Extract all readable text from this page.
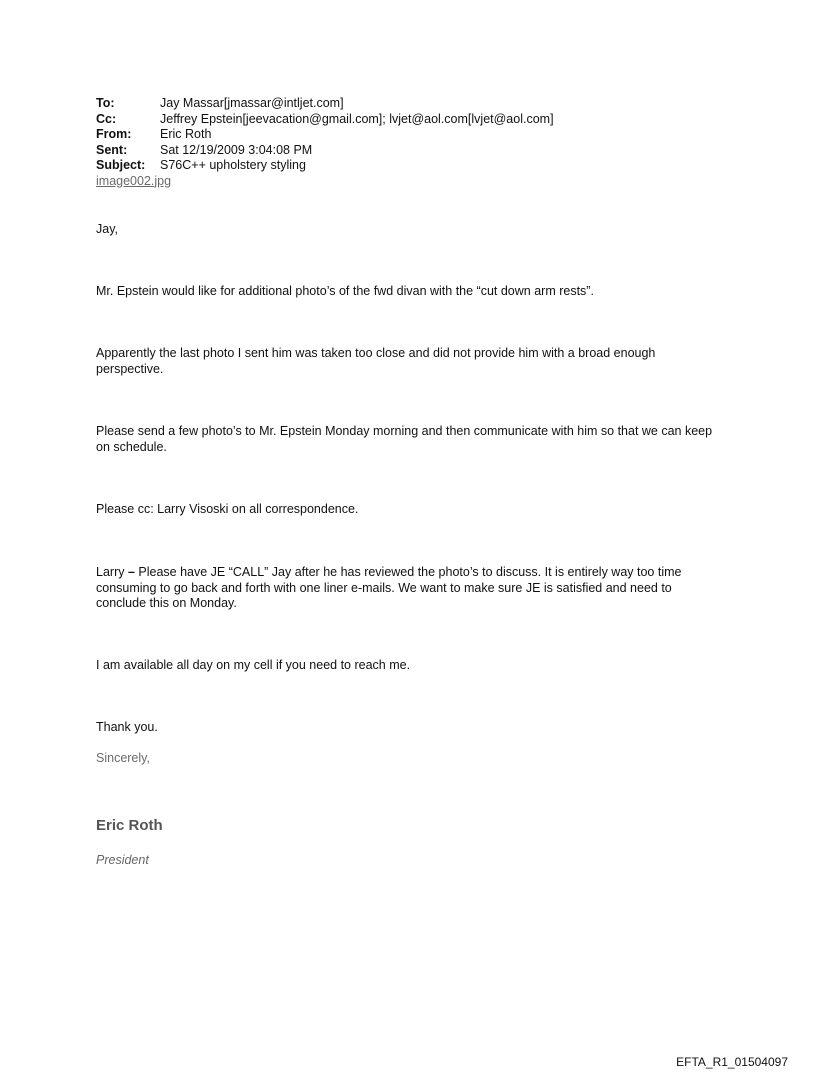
To:	Jay Massar[jmassar@intljet.com]
Cc:	Jeffrey Epstein[jeevacation@gmail.com]; lvjet@aol.com[lvjet@aol.com]
From:	Eric Roth
Sent:	Sat 12/19/2009 3:04:08 PM
Subject:	S76C++ upholstery styling
image002.jpg

Jay,

Mr. Epstein would like for additional photo’s of the fwd divan with the “cut down arm rests”.

Apparently the last photo I sent him was taken too close and did not provide him with a broad enough perspective.

Please send a few photo’s to Mr. Epstein Monday morning and then communicate with him so that we can keep on schedule.

Please cc: Larry Visoski on all correspondence.

Larry – Please have JE “CALL” Jay after he has reviewed the photo’s to discuss. It is entirely way too time consuming to go back and forth with one liner e-mails. We want to make sure JE is satisfied and need to conclude this on Monday.

I am available all day on my cell if you need to reach me.

Thank you.

Sincerely,

Eric Roth

President

EFTA_R1_01504097
